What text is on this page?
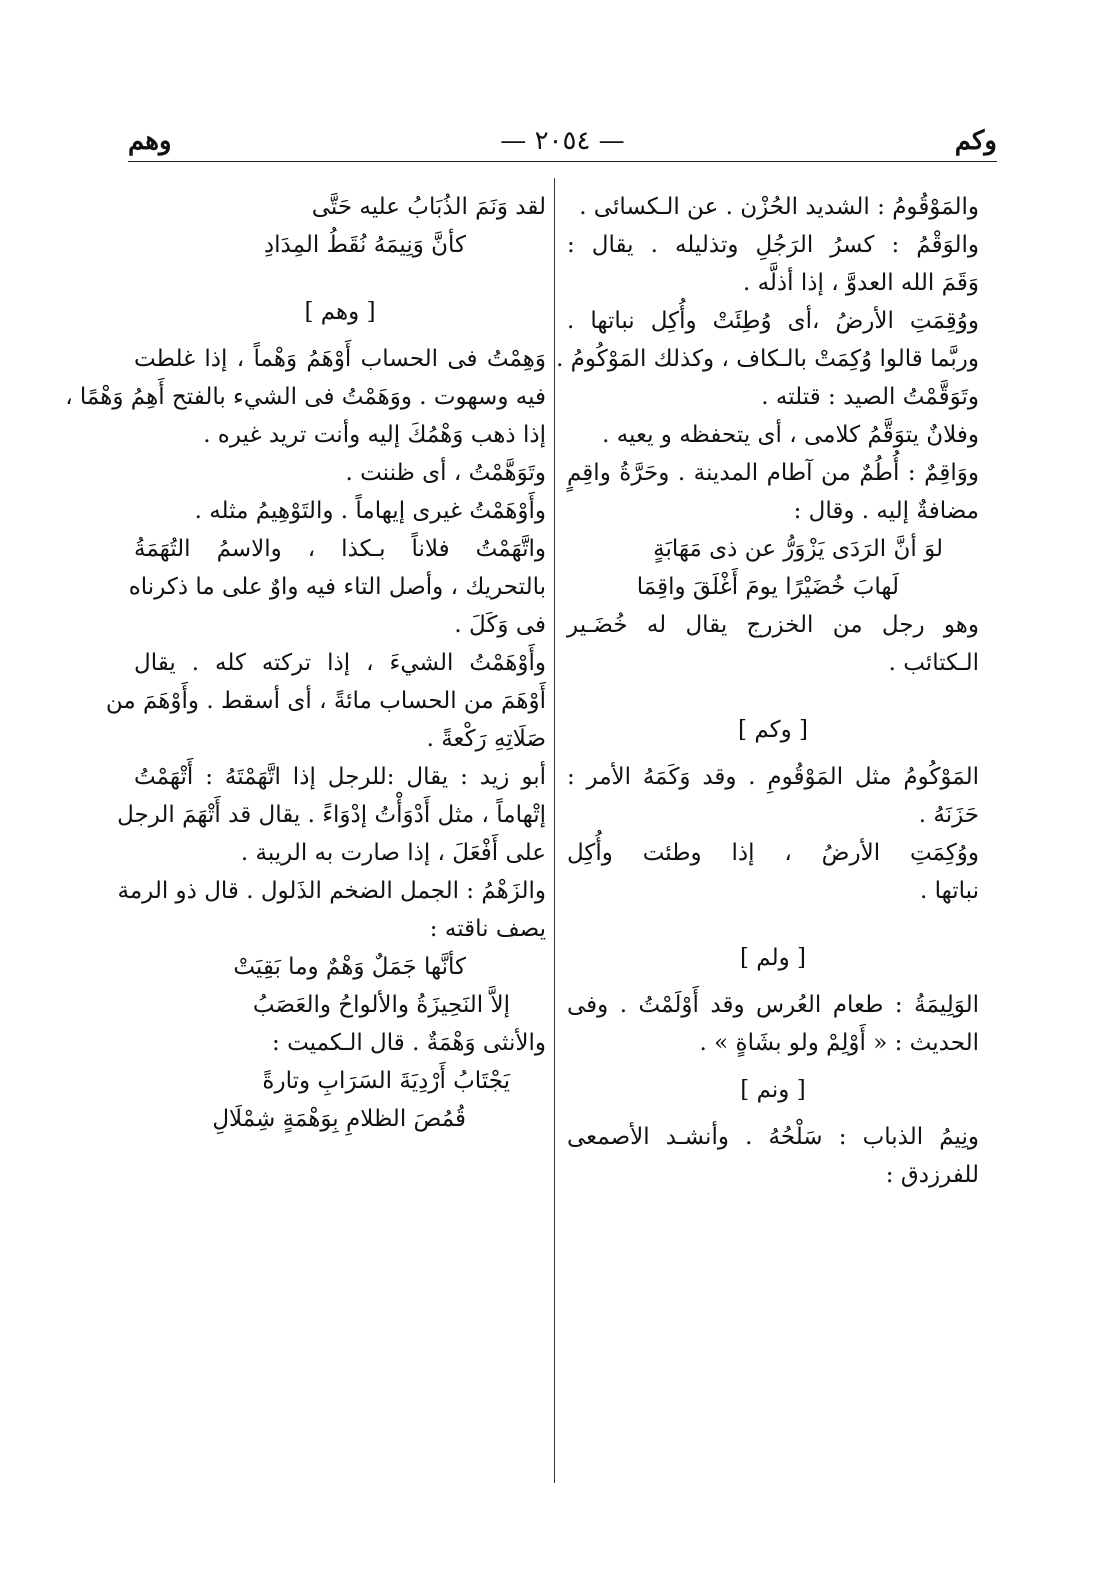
وكم
— ٢٠٥٤ —
وهم
والمَوْقُومُ : الشديد الحُزْن . عن الـكسائى .
والوَقْمُ : كسرُ الرَجُلِ وتذليله . يقال :
وَقَمَ الله العدوَّ ، إذا أذلَّه .
ووُقِمَتِ الأرضُ ،أى وُطِئَتْ وأُكِل نباتها .
وربَّما قالوا وُكِمَتْ بالـكاف ، وكذلك المَوْكُومُ .
وتَوَقَّمْتُ الصيد : قتلته .
وفلانٌ يتوَقَّمُ كلامى ، أى يتحفظه و يعيه .
ووَاقِمٌ : أُطُمٌ من آطام المدينة . وحَرَّةُ واقِمٍ
مضافةٌ إليه . وقال :
لوَ أنَّ الرَدَى يَزْوَرُّ عن ذى مَهَابَةٍ
لَهابَ خُضَيْرًا يومَ أَغْلَقَ واقِمَا
وهو رجل من الخزرج يقال له خُضَـير
الـكتائب .
[ وكم ]
المَوْكُومُ مثل المَوْقُومِ . وقد وَكَمَهُ الأمر :
حَزَنَهُ .
ووُكِمَتِ الأرضُ ، إذا وطئت وأُكِل
نباتها .
[ ولم ]
الوَلِيمَةُ : طعام العُرس وقد أَوْلَمْتُ . وفى
الحديث : « أَوْلِمْ ولو بشَاةٍ » .
[ ونم ]
ونِيمُ الذباب : سَلْحُهُ . وأنشـد الأصمعى
للفرزدق :
لقد وَنَمَ الذُبَابُ عليه حَتَّى
كأنَّ وَنِيمَهُ نُقَطُ المِدَادِ
[ وهم ]
وَهِمْتُ فى الحساب أَوْهَمُ وَهْماً ، إذا غلطت
فيه وسهوت . ووَهَمْتُ فى الشيء بالفتح أَهِمُ وَهْمًا ،
إذا ذهب وَهْمُكَ إليه وأنت تريد غيره .
وتَوَهَّمْتُ ، أى ظننت .
وأَوْهَمْتُ غيرى إيهاماً . والتَوْهِيمُ مثله .
واتَّهَمْتُ فلاناً بـكذا ، والاسمُ التُهَمَةُ
بالتحريك ، وأصل التاء فيه واوٌ على ما ذكرناه
فى وَكَلَ .
وأَوْهَمْتُ الشيءَ ، إذا تركته كله . يقال
أَوْهَمَ من الحساب مائةً ، أى أسقط . وأَوْهَمَ من
صَلَاتِهِ رَكْعةً .
أبو زيد : يقال :للرجل إذا اتَّهَمْتَهُ : أَتْهَمْتُ
إتْهاماً ، مثل أَدْوَأْتُ إدْوَاءً . يقال قد أَتْهَمَ الرجل
على أَفْعَلَ ، إذا صارت به الريبة .
والزَهْمُ : الجمل الضخم الذَلول . قال ذو الرمة
يصف ناقته :
كأنَّها جَمَلٌ وَهْمٌ وما بَقِيَتْ
إلاَّ النَحِيزَةُ والألواحُ والعَصَبُ
والأنثى وَهْمَةٌ . قال الـكميت :
يَجْتَابُ أَرْدِيَةَ السَرَابِ وتارةً
قُمُصَ الظلامِ بِوَهْمَةٍ شِمْلَالِ
